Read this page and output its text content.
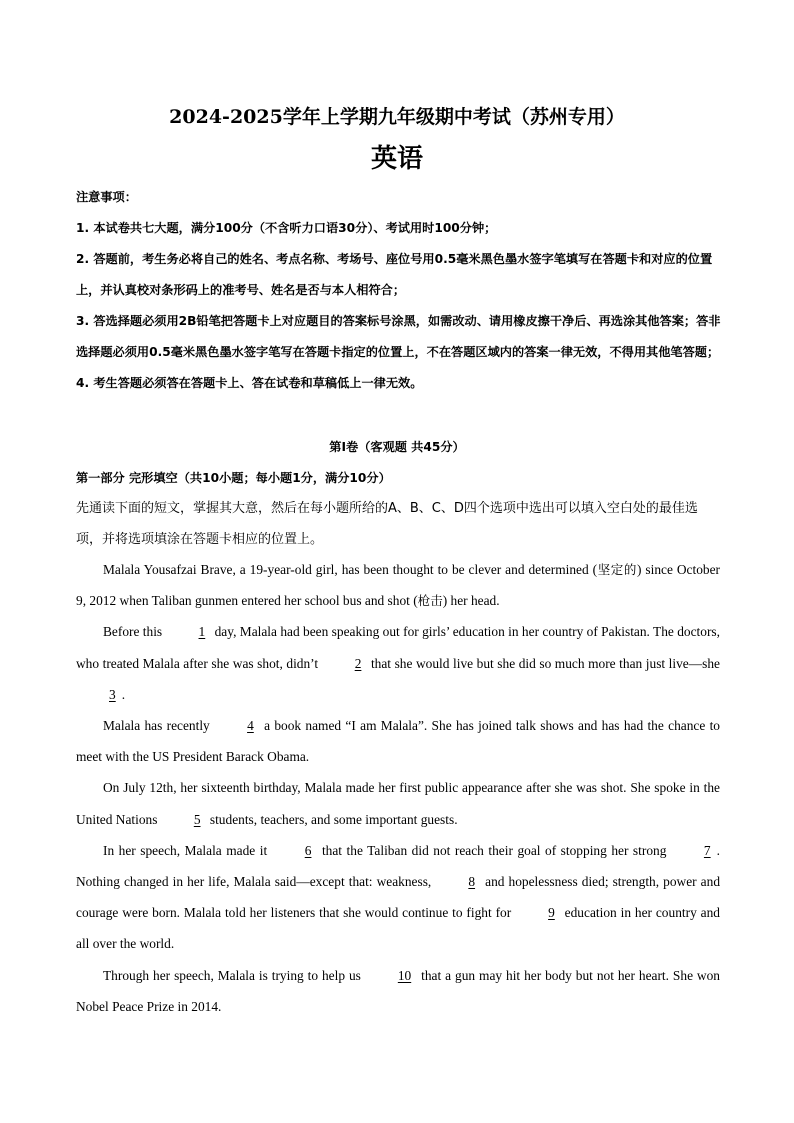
2024-2025学年上学期九年级期中考试（苏州专用）
英语

注意事项：

1. 本试卷共七大题，满分100分（不含听力口语30分）、考试用时100分钟；

2. 答题前，考生务必将自己的姓名、考点名称、考场号、座位号用0.5毫米黑色墨水签字笔填写在答题卡和对应的位置上，并认真校对条形码上的准考号、姓名是否与本人相符合；

3. 答选择题必须用2B铅笔把答题卡上对应题目的答案标号涂黑，如需改动、请用橡皮擦干净后、再选涂其他答案；答非选择题必须用0.5毫米黑色墨水签字笔写在答题卡指定的位置上，不在答题区域内的答案一律无效，不得用其他笔答题；

4. 考生答题必须答在答题卡上、答在试卷和草稿低上一律无效。

第Ⅰ卷（客观题 共45分）
第一部分 完形填空（共10小题；每小题1分，满分10分）
先通读下面的短文，掌握其大意，然后在每小题所给的A、B、C、D四个选项中选出可以填入空白处的最佳选项，并将选项填涂在答题卡相应的位置上。

Malala Yousafzai Brave, a 19-year-old girl, has been thought to be clever and determined (坚定的) since October 9, 2012 when Taliban gunmen entered her school bus and shot (枪击) her head.

Before this	1 day, Malala had been speaking out for girls’ education in her country of Pakistan. The doctors, who treated Malala after she was shot, didn’t	2 that she would live but she did so much more than just live—she 3 .

Malala has recently	4 a book named “I am Malala”. She has joined talk shows and has had the chance to meet with the US President Barack Obama.

On July 12th, her sixteenth birthday, Malala made her first public appearance after she was shot. She spoke in the United Nations	5 students, teachers, and some important guests.

In her speech, Malala made it	6 that the Taliban did not reach their goal of stopping her strong	7 . Nothing changed in her life, Malala said—except that: weakness,	8 and hopelessness died; strength, power and courage were born. Malala told her listeners that she would continue to fight for	9 education in her country and all over the world.

Through her speech, Malala is trying to help us	10 that a gun may hit her body but not her heart. She won Nobel Peace Prize in 2014.
